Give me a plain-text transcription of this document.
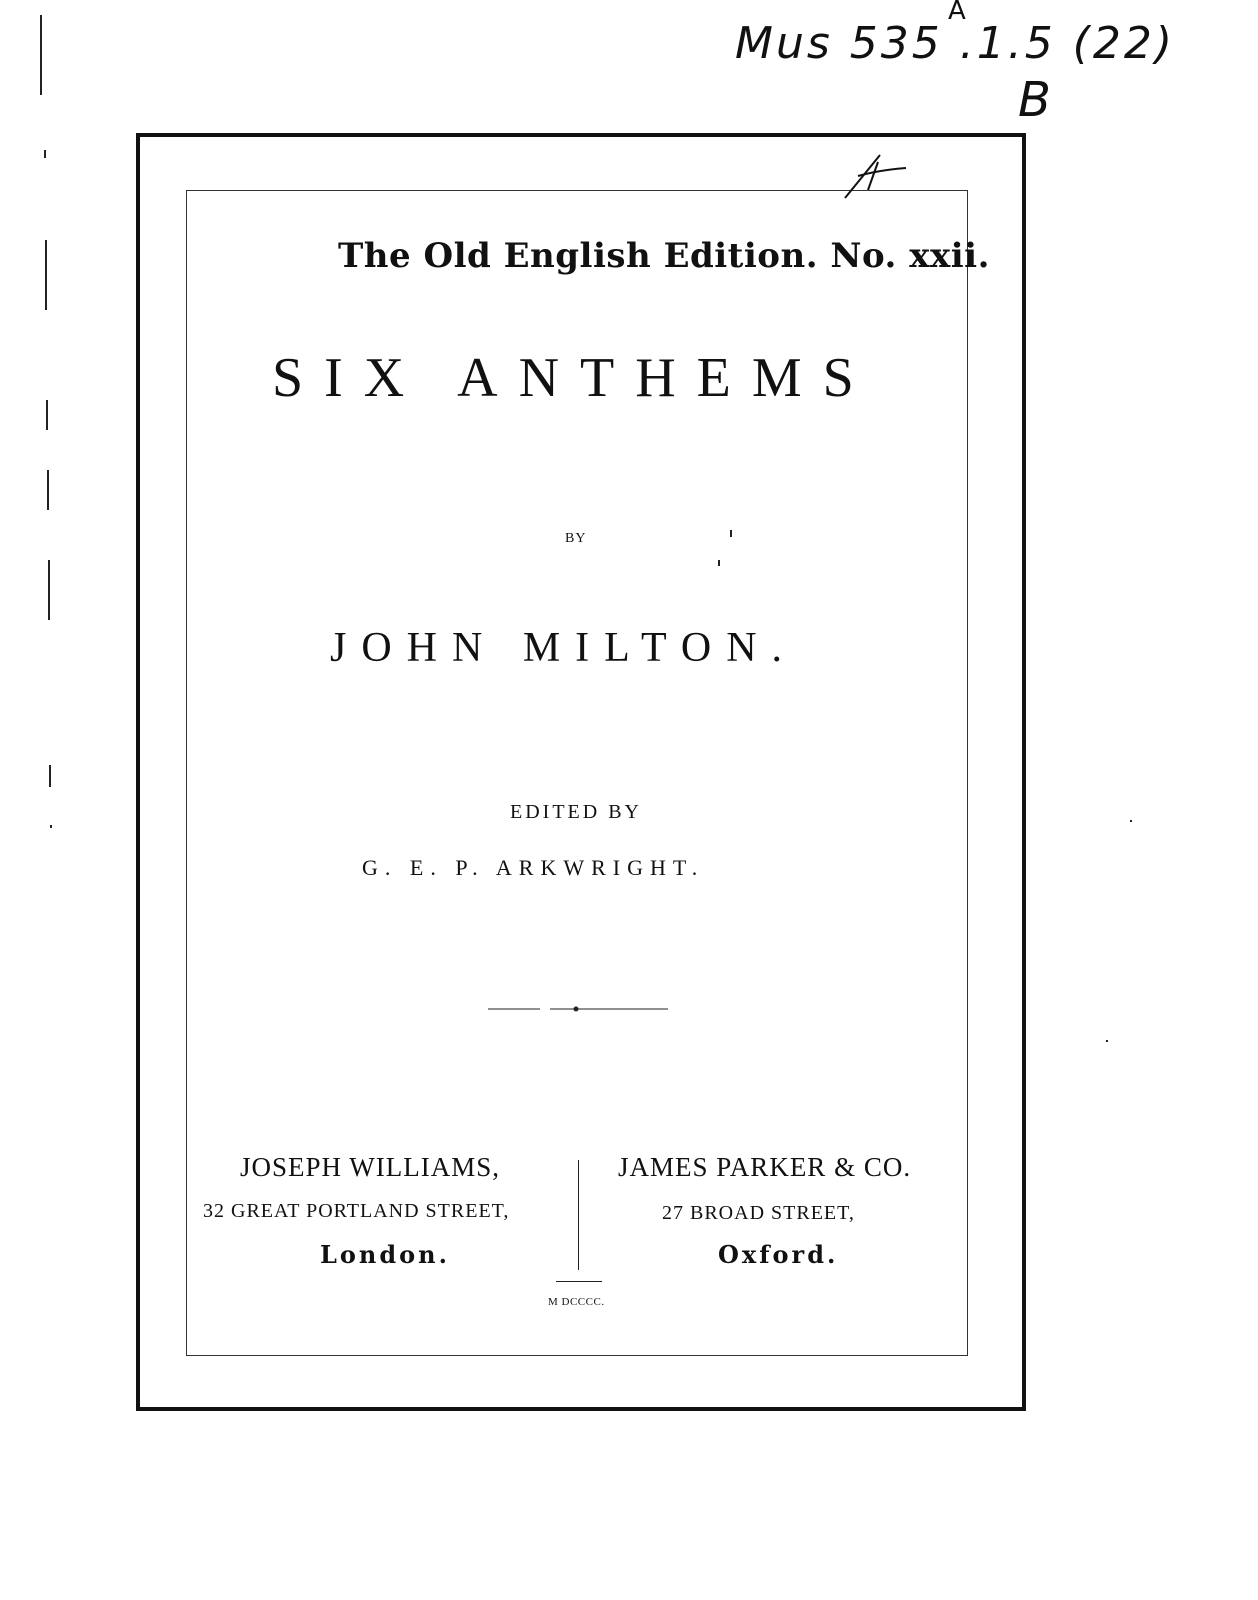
Mus 535 .1.5 (22)
A
B
The Old English Edition. No. xxii.
SIX ANTHEMS
BY
JOHN MILTON.
EDITED BY
G. E. P. ARKWRIGHT.
JOSEPH WILLIAMS,
32 GREAT PORTLAND STREET,
London.
JAMES PARKER & CO.
27 BROAD STREET,
Oxford.
M DCCCC.
